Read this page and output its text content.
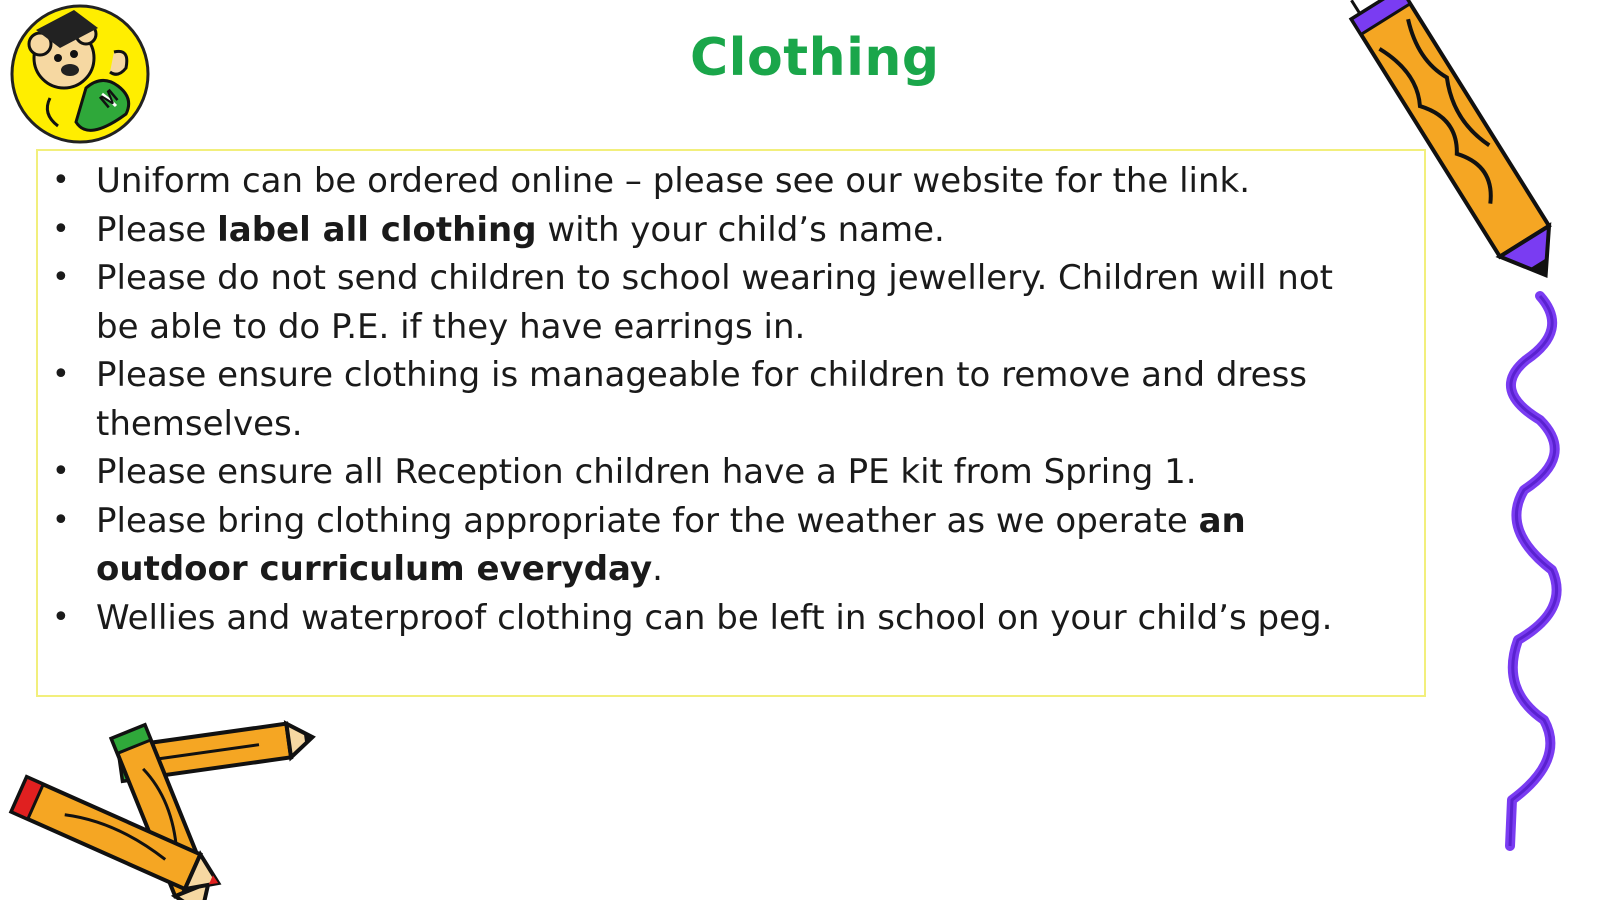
M
Clothing
• Uniform can be ordered online – please see our website for the link.
• Please label all clothing with your child’s name.
• Please do not send children to school wearing jewellery. Children will not be able to do P.E. if they have earrings in.
• Please ensure clothing is manageable for children to remove and dress themselves.
• Please ensure all Reception children have a PE kit from Spring 1.
• Please bring clothing appropriate for the weather as we operate an outdoor curriculum everyday.
• Wellies and waterproof clothing can be left in school on your child’s peg.
